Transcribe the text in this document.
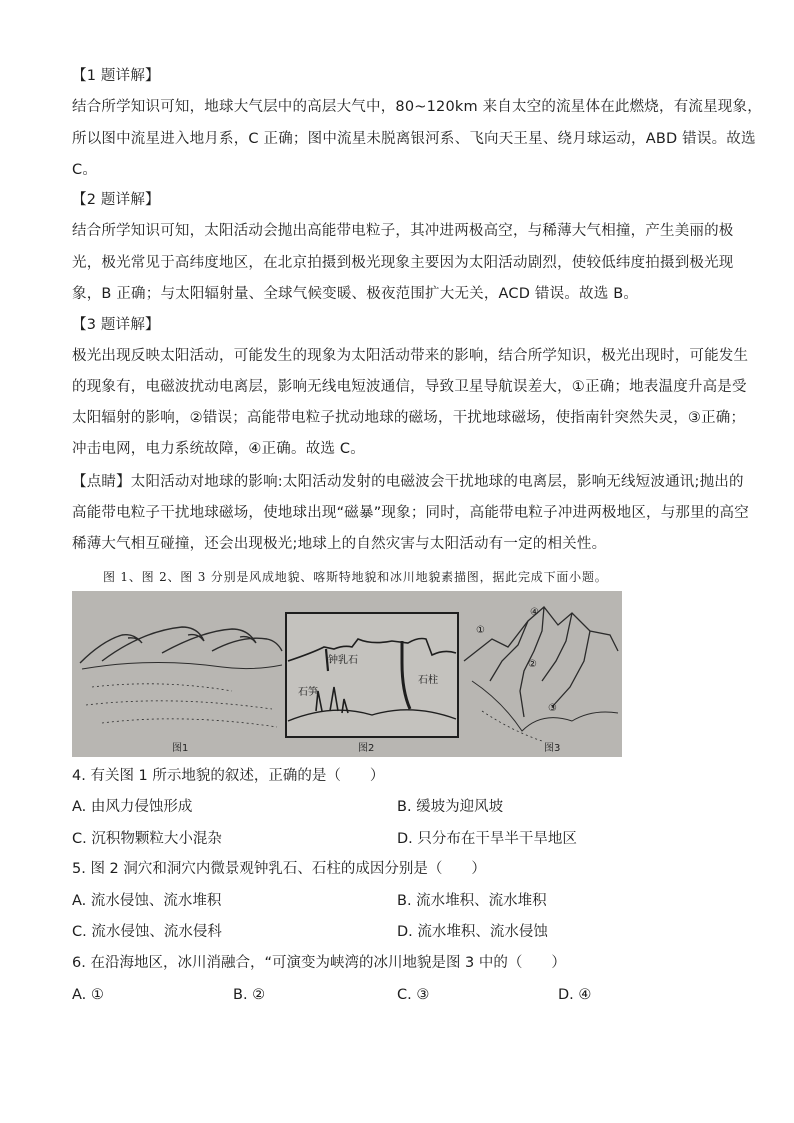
【1 题详解】
结合所学知识可知，地球大气层中的高层大气中，80~120km 来自太空的流星体在此燃烧，有流星现象，
所以图中流星进入地月系，C 正确；图中流星未脱离银河系、飞向天王星、绕月球运动，ABD 错误。故选
C。
【2 题详解】
结合所学知识可知，太阳活动会抛出高能带电粒子，其冲进两极高空，与稀薄大气相撞，产生美丽的极
光，极光常见于高纬度地区，在北京拍摄到极光现象主要因为太阳活动剧烈，使较低纬度拍摄到极光现
象，B 正确；与太阳辐射量、全球气候变暖、极夜范围扩大无关，ACD 错误。故选 B。
【3 题详解】
极光出现反映太阳活动，可能发生的现象为太阳活动带来的影响，结合所学知识，极光出现时，可能发生
的现象有，电磁波扰动电离层，影响无线电短波通信，导致卫星导航误差大，①正确；地表温度升高是受
太阳辐射的影响，②错误；高能带电粒子扰动地球的磁场，干扰地球磁场，使指南针突然失灵，③正确；
冲击电网，电力系统故障，④正确。故选 C。
【点睛】太阳活动对地球的影响:太阳活动发射的电磁波会干扰地球的电离层，影响无线短波通讯;抛出的
高能带电粒子干扰地球磁场，使地球出现“磁暴”现象；同时，高能带电粒子冲进两极地区，与那里的高空
稀薄大气相互碰撞，还会出现极光;地球上的自然灾害与太阳活动有一定的相关性。
图 1、图 2、图 3 分别是风成地貌、喀斯特地貌和冰川地貌素描图，据此完成下面小题。
图1
钟乳石
石柱
石笋
图2
①
②
③
④
图3
4. 有关图 1 所示地貌的叙述，正确的是（　　）
A. 由风力侵蚀形成	B. 缓坡为迎风坡
C. 沉积物颗粒大小混杂	D. 只分布在干旱半干旱地区
5. 图 2 洞穴和洞穴内微景观钟乳石、石柱的成因分别是（　　）
A. 流水侵蚀、流水堆积	B. 流水堆积、流水堆积
C. 流水侵蚀、流水侵科	D. 流水堆积、流水侵蚀
6. 在沿海地区，冰川消融合，“可演变为峡湾的冰川地貌是图 3 中的（　　）
A. ①	B. ②	C. ③	D. ④
